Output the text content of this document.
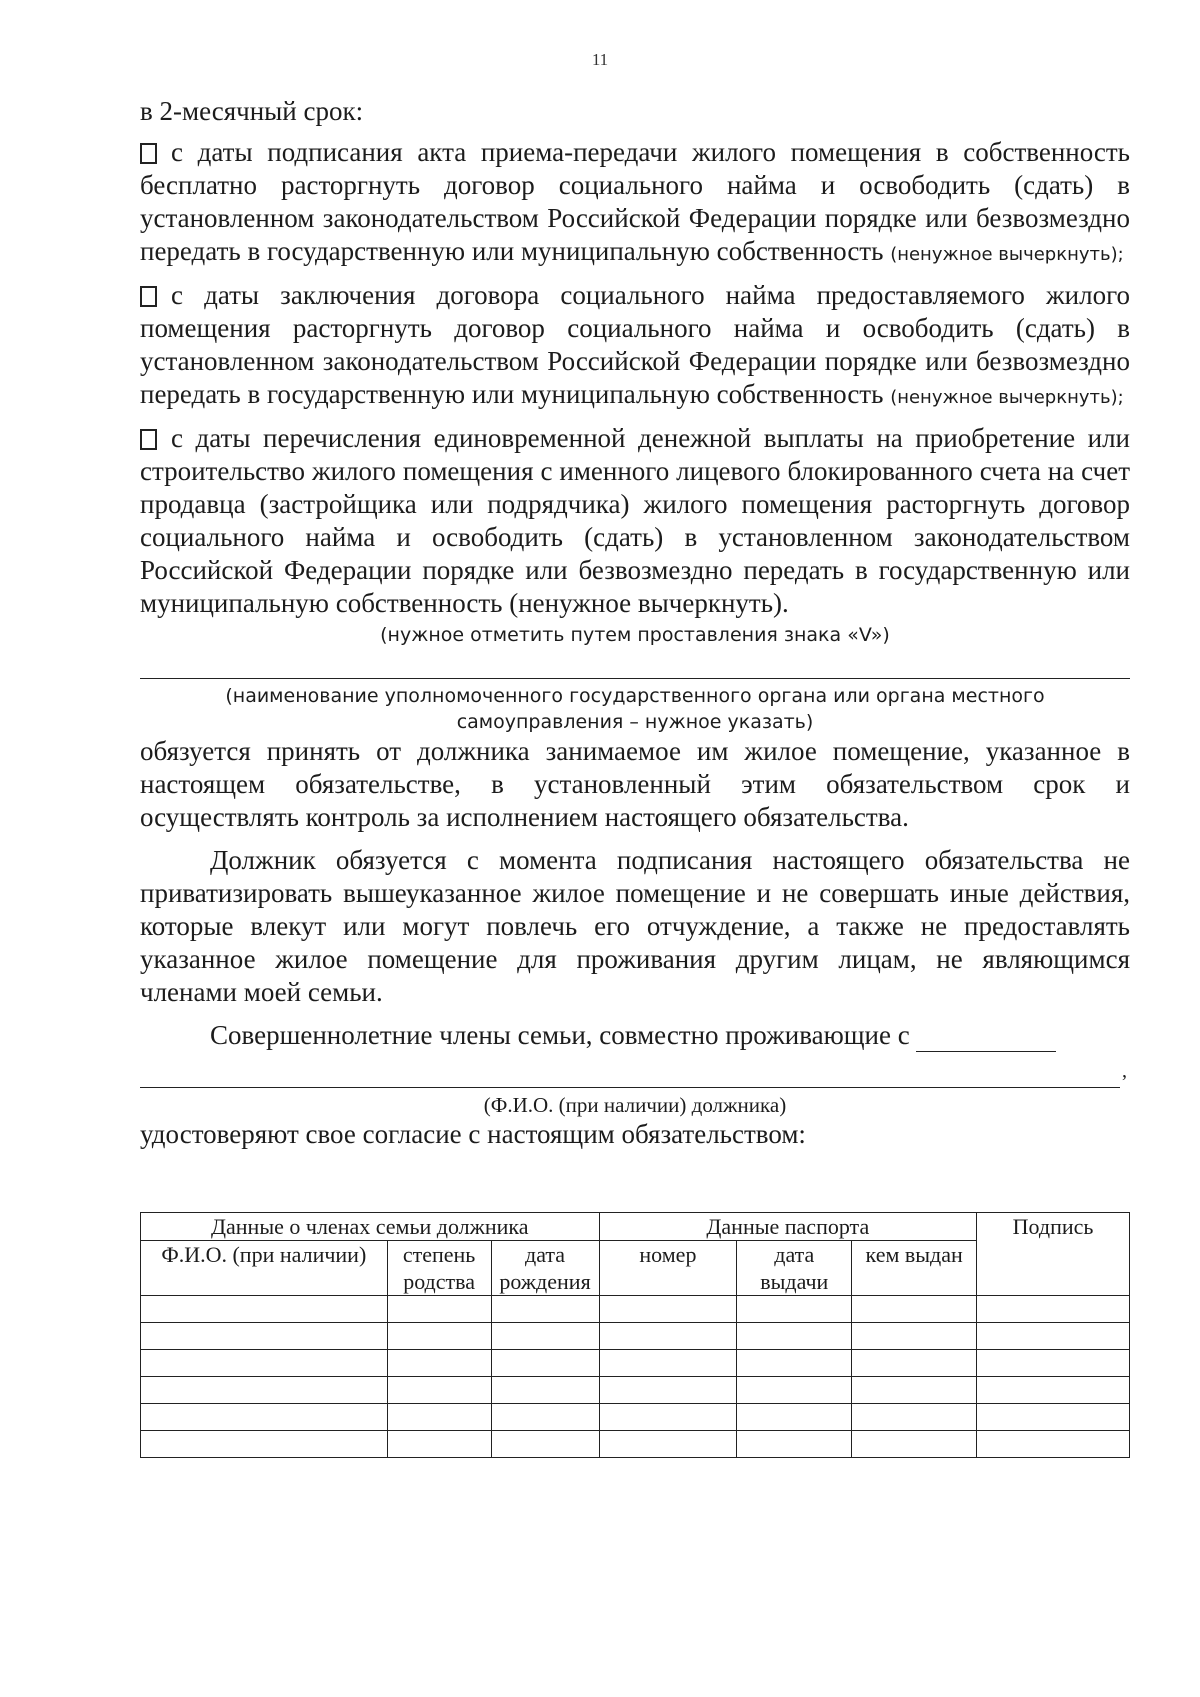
11

в 2-месячный срок:

с даты подписания акта приема-передачи жилого помещения в собственность бесплатно расторгнуть договор социального найма и освободить (сдать) в установленном законодательством Российской Федерации порядке или безвозмездно передать в государственную или муниципальную собственность (ненужное вычеркнуть);

с даты заключения договора социального найма предоставляемого жилого помещения расторгнуть договор социального найма и освободить (сдать) в установленном законодательством Российской Федерации порядке или безвозмездно передать в государственную или муниципальную собственность (ненужное вычеркнуть);

с даты перечисления единовременной денежной выплаты на приобретение или строительство жилого помещения с именного лицевого блокированного счета на счет продавца (застройщика или подрядчика) жилого помещения расторгнуть договор социального найма и освободить (сдать) в установленном законодательством Российской Федерации порядке или безвозмездно передать в государственную или муниципальную собственность (ненужное вычеркнуть).

(нужное отметить путем проставления знака «V»)
(наименование уполномоченного государственного органа или органа местного самоуправления – нужное указать)

обязуется принять от должника занимаемое им жилое помещение, указанное в настоящем обязательстве, в установленный этим обязательством срок и осуществлять контроль за исполнением настоящего обязательства.

Должник обязуется с момента подписания настоящего обязательства не приватизировать вышеуказанное жилое помещение и не совершать иные действия, которые влекут или могут повлечь его отчуждение, а также не предоставлять указанное жилое помещение для проживания другим лицам, не являющимся членами моей семьи.

Совершеннолетние члены семьи, совместно проживающие с

,
(Ф.И.О. (при наличии) должника)

удостоверяют свое согласие с настоящим обязательством:

Данные о членах семьи должника			Данные паспорта			Подпись
Ф.И.О. (при наличии)	степень родства	дата рождения	номер	дата выдачи	кем выдан	
